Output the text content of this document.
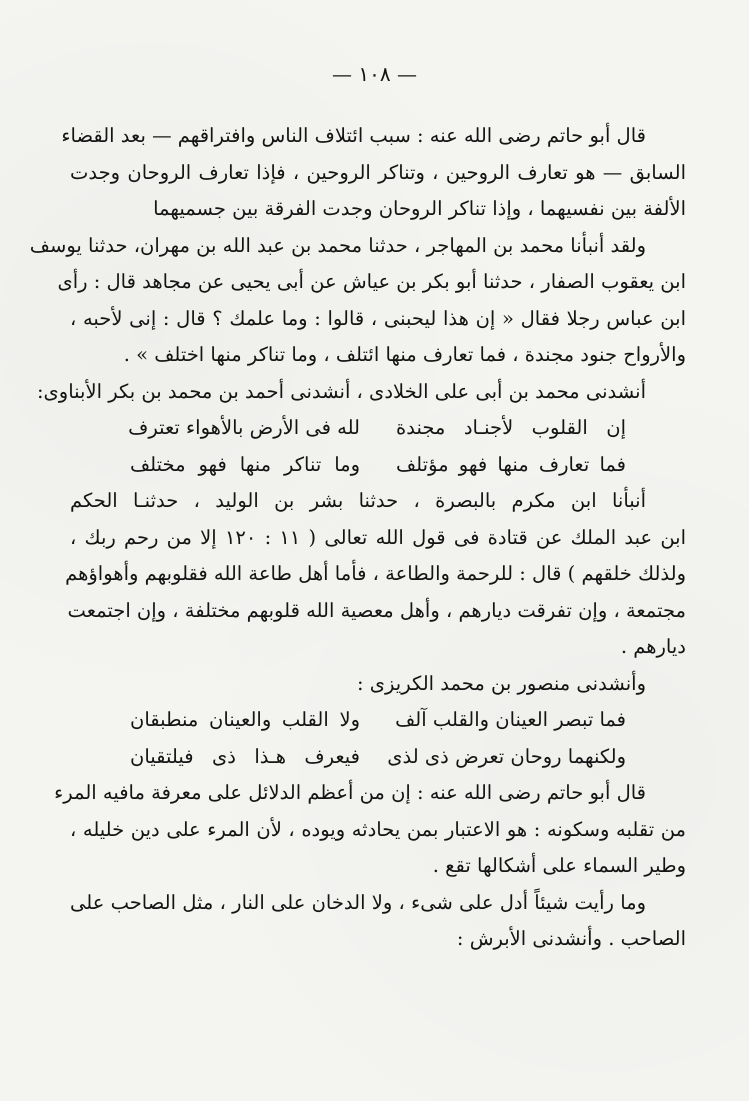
— ١٠٨ —
قال أبو حاتم رضى الله عنه : سبب ائتلاف الناس وافتراقهم — بعد القضاء
السابق — هو تعارف الروحين ، وتناكر الروحين ، فإذا تعارف الروحان وجدت
الألفة بين نفسيهما ، وإذا تناكر الروحان وجدت الفرقة بين جسميهما
ولقد أنبأنا محمد بن المهاجر ، حدثنا محمد بن عبد الله بن مهران، حدثنا يوسف
ابن يعقوب الصفار ، حدثنا أبو بكر بن عياش عن أبى يحيى عن مجاهد قال : رأى
ابن عباس رجلا فقال « إن هذا ليحبنى ، قالوا : وما علمك ؟ قال : إنى لأحبه ،
والأرواح جنود مجندة ، فما تعارف منها ائتلف ، وما تناكر منها اختلف » .
أنشدنى محمد بن أبى على الخلادى ، أنشدنى أحمد بن محمد بن بكر الأبناوى:
إن القلوب لأجنـاد مجندة
لله فى الأرض بالأهواء تعترف
فما تعارف منها فهو مؤتلف
وما تناكر منها فهو مختلف
أنبأنا ابن مكرم بالبصرة ، حدثنا بشر بن الوليد ، حدثنـا الحكم
ابن عبد الملك عن قتادة فى قول الله تعالى ( ١١ : ١٢٠ إلا من رحم ربك ،
ولذلك خلقهم ) قال : للرحمة والطاعة ، فأما أهل طاعة الله فقلوبهم وأهواؤهم
مجتمعة ، وإن تفرقت ديارهم ، وأهل معصية الله قلوبهم مختلفة ، وإن اجتمعت
ديارهم .
وأنشدنى منصور بن محمد الكريزى :
فما تبصر العينان والقلب آلف
ولا القلب والعينان منطبقان
ولكنهما روحان تعرض ذى لذى
فيعرف هـذا ذى فيلتقيان
قال أبو حاتم رضى الله عنه : إن من أعظم الدلائل على معرفة مافيه المرء
من تقلبه وسكونه : هو الاعتبار بمن يحادثه ويوده ، لأن المرء على دين خليله ،
وطير السماء على أشكالها تقع .
وما رأيت شيئاً أدل على شىء ، ولا الدخان على النار ، مثل الصاحب على
الصاحب . وأنشدنى الأبرش :
